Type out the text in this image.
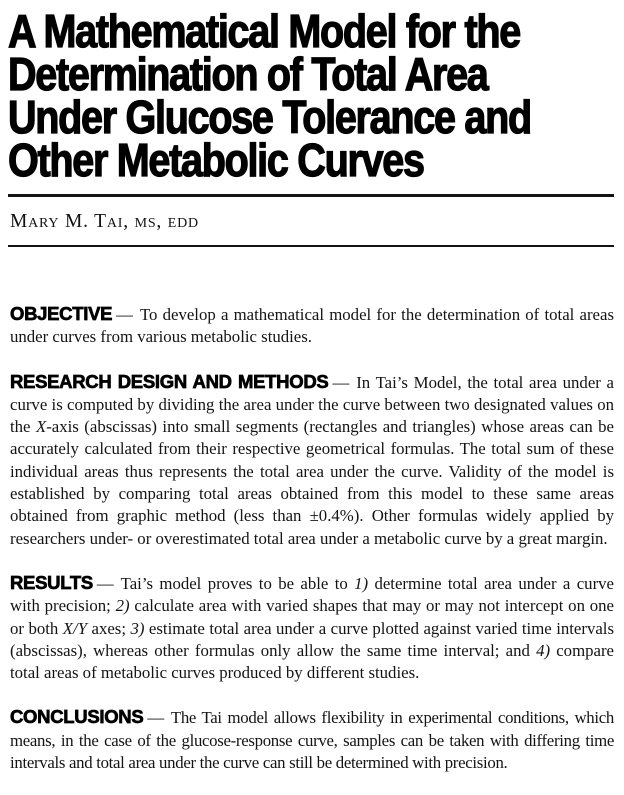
A Mathematical Model for the
Determination of Total Area
Under Glucose Tolerance and
Other Metabolic Curves
Mary M. Tai, ms, edd

OBJECTIVE — To develop a mathematical model for the determination of total areas under curves from various metabolic studies.

RESEARCH DESIGN AND METHODS — In Tai’s Model, the total area under a curve is computed by dividing the area under the curve between two designated values on the X-axis (abscissas) into small segments (rectangles and triangles) whose areas can be accurately calculated from their respective geometrical formulas. The total sum of these individual areas thus represents the total area under the curve. Validity of the model is established by comparing total areas obtained from this model to these same areas obtained from graphic method (less than ±0.4%). Other formulas widely applied by researchers under- or overestimated total area under a metabolic curve by a great margin.

RESULTS — Tai’s model proves to be able to 1) determine total area under a curve with precision; 2) calculate area with varied shapes that may or may not intercept on one or both X/Y axes; 3) estimate total area under a curve plotted against varied time intervals (abscissas), whereas other formulas only allow the same time interval; and 4) compare total areas of metabolic curves produced by different studies.

CONCLUSIONS — The Tai model allows flexibility in experimental conditions, which means, in the case of the glucose-response curve, samples can be taken with differing time intervals and total area under the curve can still be determined with precision.
